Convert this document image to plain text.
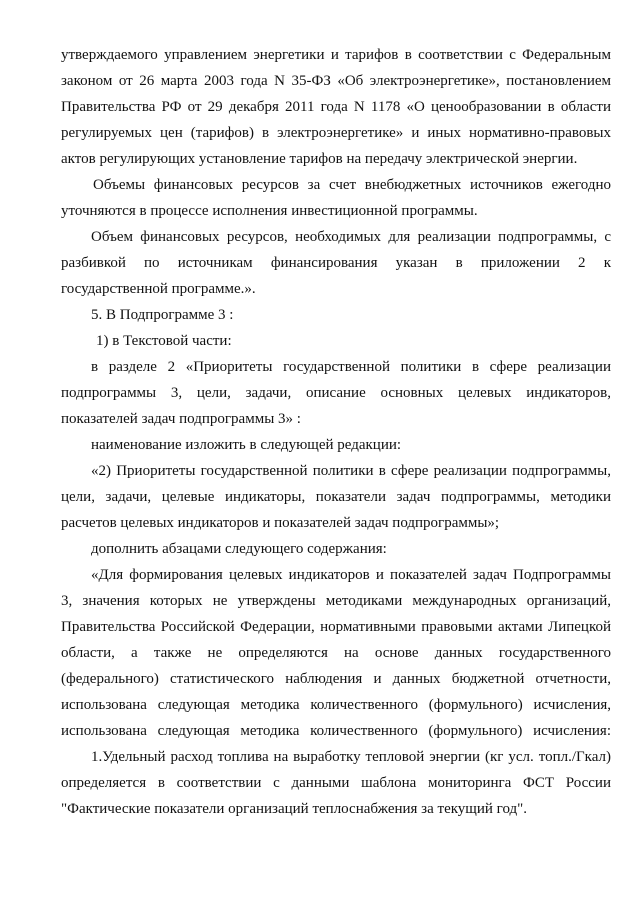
утверждаемого управлением энергетики и тарифов в соответствии с Федеральным
законом от 26 марта 2003 года N 35-ФЗ «Об электроэнергетике», постановлением
Правительства РФ от 29 декабря 2011 года N 1178 «О ценообразовании в области
регулируемых цен (тарифов) в электроэнергетике» и иных нормативно-правовых
актов регулирующих установление тарифов на передачу электрической энергии.
Объемы финансовых ресурсов за счет внебюджетных источников ежегодно
уточняются в процессе исполнения инвестиционной программы.
Объем финансовых ресурсов, необходимых для реализации подпрограммы, с
разбивкой по источникам финансирования указан в приложении 2 к
государственной программе.».
5. В Подпрограмме 3 :
1) в Текстовой части:
в разделе 2 «Приоритеты государственной политики в сфере реализации
подпрограммы 3, цели, задачи, описание основных целевых индикаторов,
показателей задач подпрограммы 3» :
наименование изложить в следующей редакции:
«2) Приоритеты государственной политики в сфере реализации подпрограммы,
цели, задачи, целевые индикаторы, показатели задач подпрограммы, методики
расчетов целевых индикаторов и показателей задач подпрограммы»;
дополнить абзацами следующего содержания:
«Для формирования целевых индикаторов и показателей задач Подпрограммы
3, значения которых не утверждены методиками международных организаций,
Правительства Российской Федерации, нормативными правовыми актами Липецкой
области, а также не определяются на основе данных государственного
(федерального) статистического наблюдения и данных бюджетной отчетности,
использована следующая методика количественного (формульного) исчисления,
использована следующая методика количественного (формульного) исчисления:
1.Удельный расход топлива на выработку тепловой энергии (кг усл. топл./Гкал)
определяется в соответствии с данными шаблона мониторинга ФСТ России
"Фактические показатели организаций теплоснабжения за текущий год".
